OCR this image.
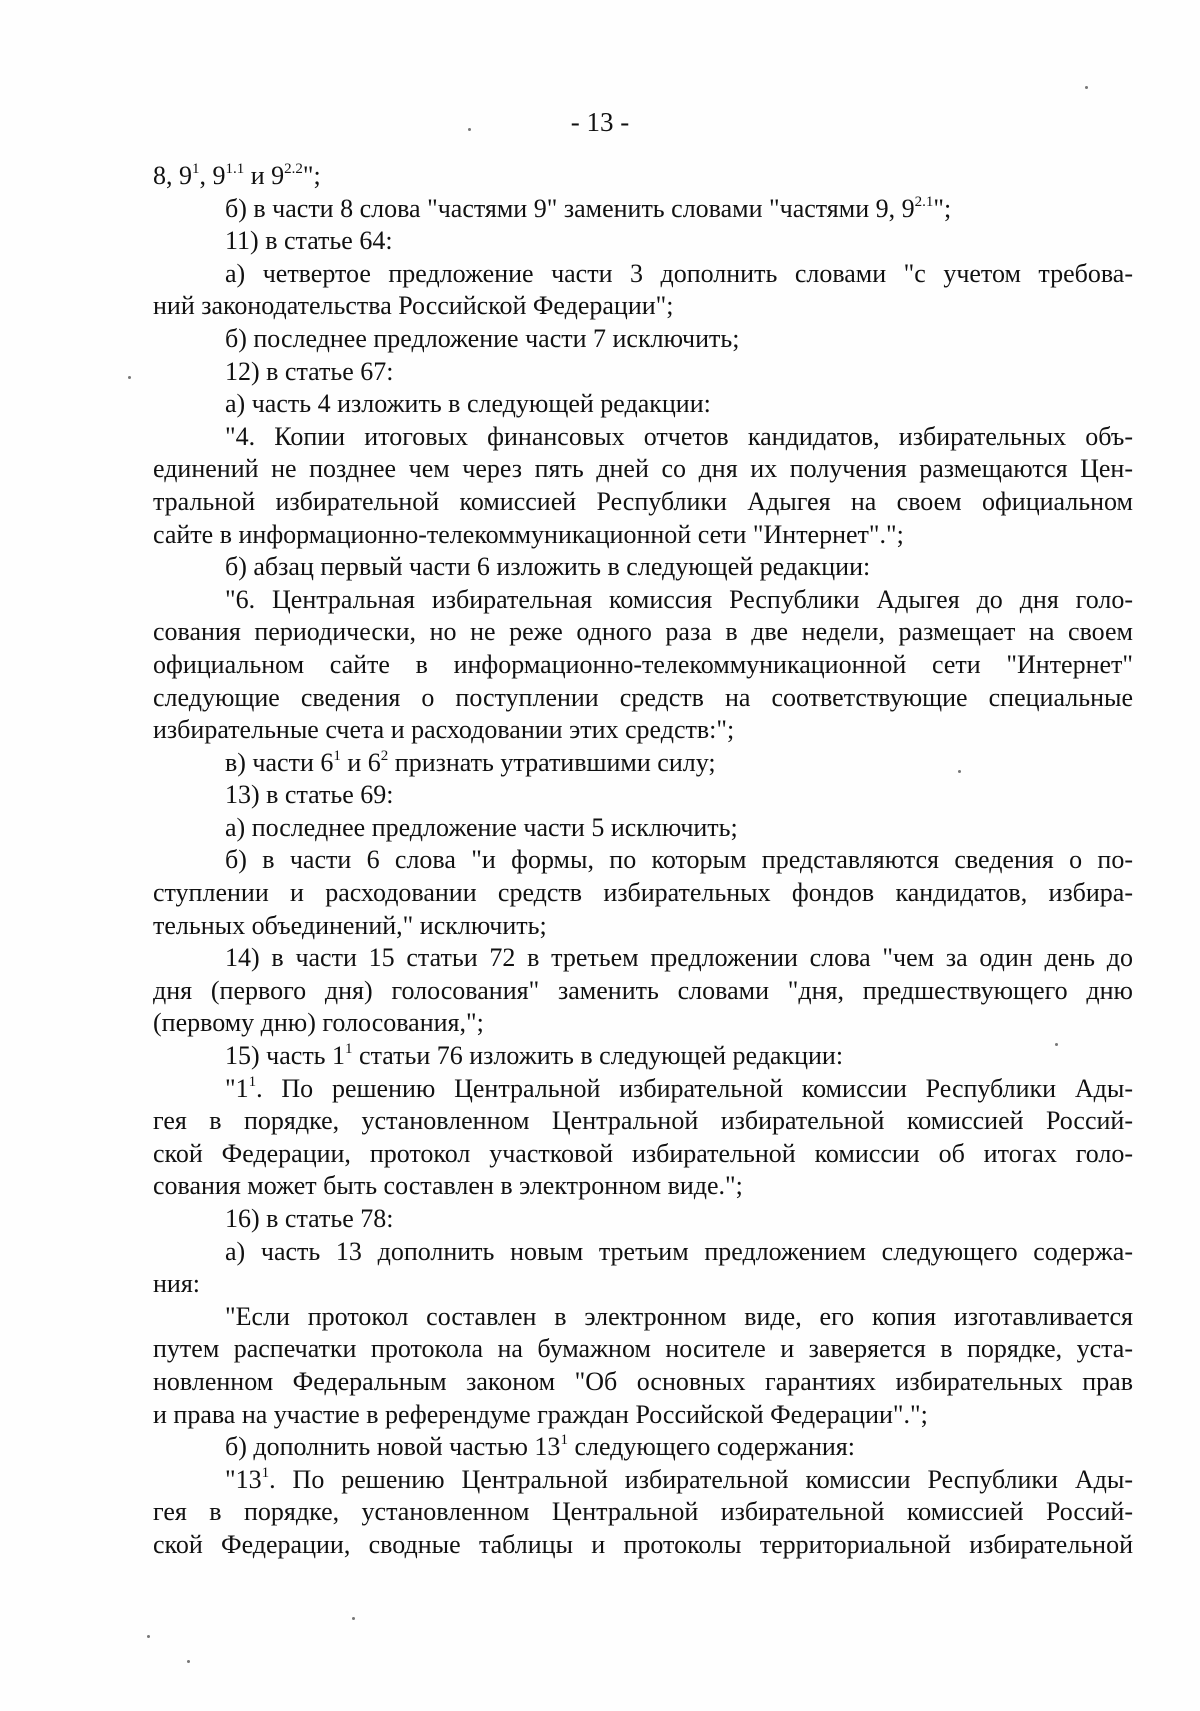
- 13 -
8, $9^1$, $9^{1.1}$ и $9^{2.2}$";
б) в части 8 слова "частями 9" заменить словами "частями 9, $9^{2.1}$";
11) в статье 64:
а) четвертое предложение части 3 дополнить словами "с учетом требова-
ний законодательства Российской Федерации";
б) последнее предложение части 7 исключить;
12) в статье 67:
а) часть 4 изложить в следующей редакции:
"4. Копии итоговых финансовых отчетов кандидатов, избирательных объ-
единений не позднее чем через пять дней со дня их получения размещаются Цен-
тральной избирательной комиссией Республики Адыгея на своем официальном
сайте в информационно-телекоммуникационной сети "Интернет".";
б) абзац первый части 6 изложить в следующей редакции:
"6. Центральная избирательная комиссия Республики Адыгея до дня голо-
сования периодически, но не реже одного раза в две недели, размещает на своем
официальном сайте в информационно-телекоммуникационной сети "Интернет"
следующие сведения о поступлении средств на соответствующие специальные
избирательные счета и расходовании этих средств:";
в) части $6^1$ и $6^2$ признать утратившими силу;
13) в статье 69:
а) последнее предложение части 5 исключить;
б) в части 6 слова "и формы, по которым представляются сведения о по-
ступлении и расходовании средств избирательных фондов кандидатов, избира-
тельных объединений," исключить;
14) в части 15 статьи 72 в третьем предложении слова "чем за один день до
дня (первого дня) голосования" заменить словами "дня, предшествующего дню
(первому дню) голосования,";
15) часть $1^1$ статьи 76 изложить в следующей редакции:
"$1^1$. По решению Центральной избирательной комиссии Республики Ады-
гея в порядке, установленном Центральной избирательной комиссией Россий-
ской Федерации, протокол участковой избирательной комиссии об итогах голо-
сования может быть составлен в электронном виде.";
16) в статье 78:
а) часть 13 дополнить новым третьим предложением следующего содержа-
ния:
"Если протокол составлен в электронном виде, его копия изготавливается
путем распечатки протокола на бумажном носителе и заверяется в порядке, уста-
новленном Федеральным законом "Об основных гарантиях избирательных прав
и права на участие в референдуме граждан Российской Федерации".";
б) дополнить новой частью $13^1$ следующего содержания:
"$13^1$. По решению Центральной избирательной комиссии Республики Ады-
гея в порядке, установленном Центральной избирательной комиссией Россий-
ской Федерации, сводные таблицы и протоколы территориальной избирательной
